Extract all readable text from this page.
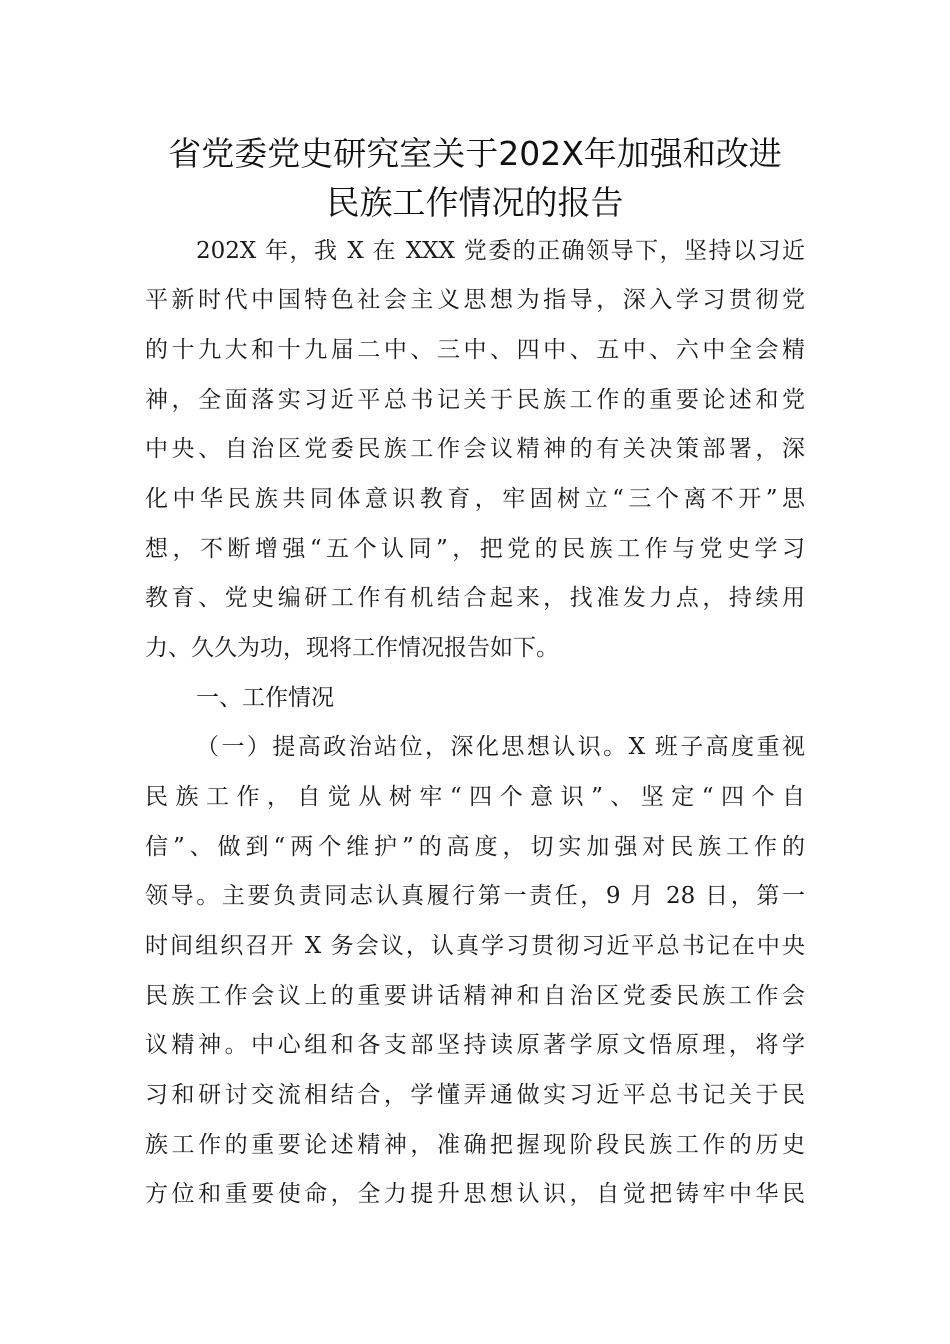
省党委党史研究室关于202X年加强和改进
民族工作情况的报告
202X 年，我 X 在 XXX 党委的正确领导下，坚持以习近
平新时代中国特色社会主义思想为指导，深入学习贯彻党
的十九大和十九届二中、三中、四中、五中、六中全会精
神，全面落实习近平总书记关于民族工作的重要论述和党
中央、自治区党委民族工作会议精神的有关决策部署，深
化中华民族共同体意识教育，牢固树立“三个离不开”思
想，不断增强“五个认同”，把党的民族工作与党史学习
教育、党史编研工作有机结合起来，找准发力点，持续用
力、久久为功，现将工作情况报告如下。
一、工作情况
（一）提高政治站位，深化思想认识。X 班子高度重视
民族工作，自觉从树牢“四个意识”、坚定“四个自
信”、做到“两个维护”的高度，切实加强对民族工作的
领导。主要负责同志认真履行第一责任，9 月 28 日，第一
时间组织召开 X 务会议，认真学习贯彻习近平总书记在中央
民族工作会议上的重要讲话精神和自治区党委民族工作会
议精神。中心组和各支部坚持读原著学原文悟原理，将学
习和研讨交流相结合，学懂弄通做实习近平总书记关于民
族工作的重要论述精神，准确把握现阶段民族工作的历史
方位和重要使命，全力提升思想认识，自觉把铸牢中华民
